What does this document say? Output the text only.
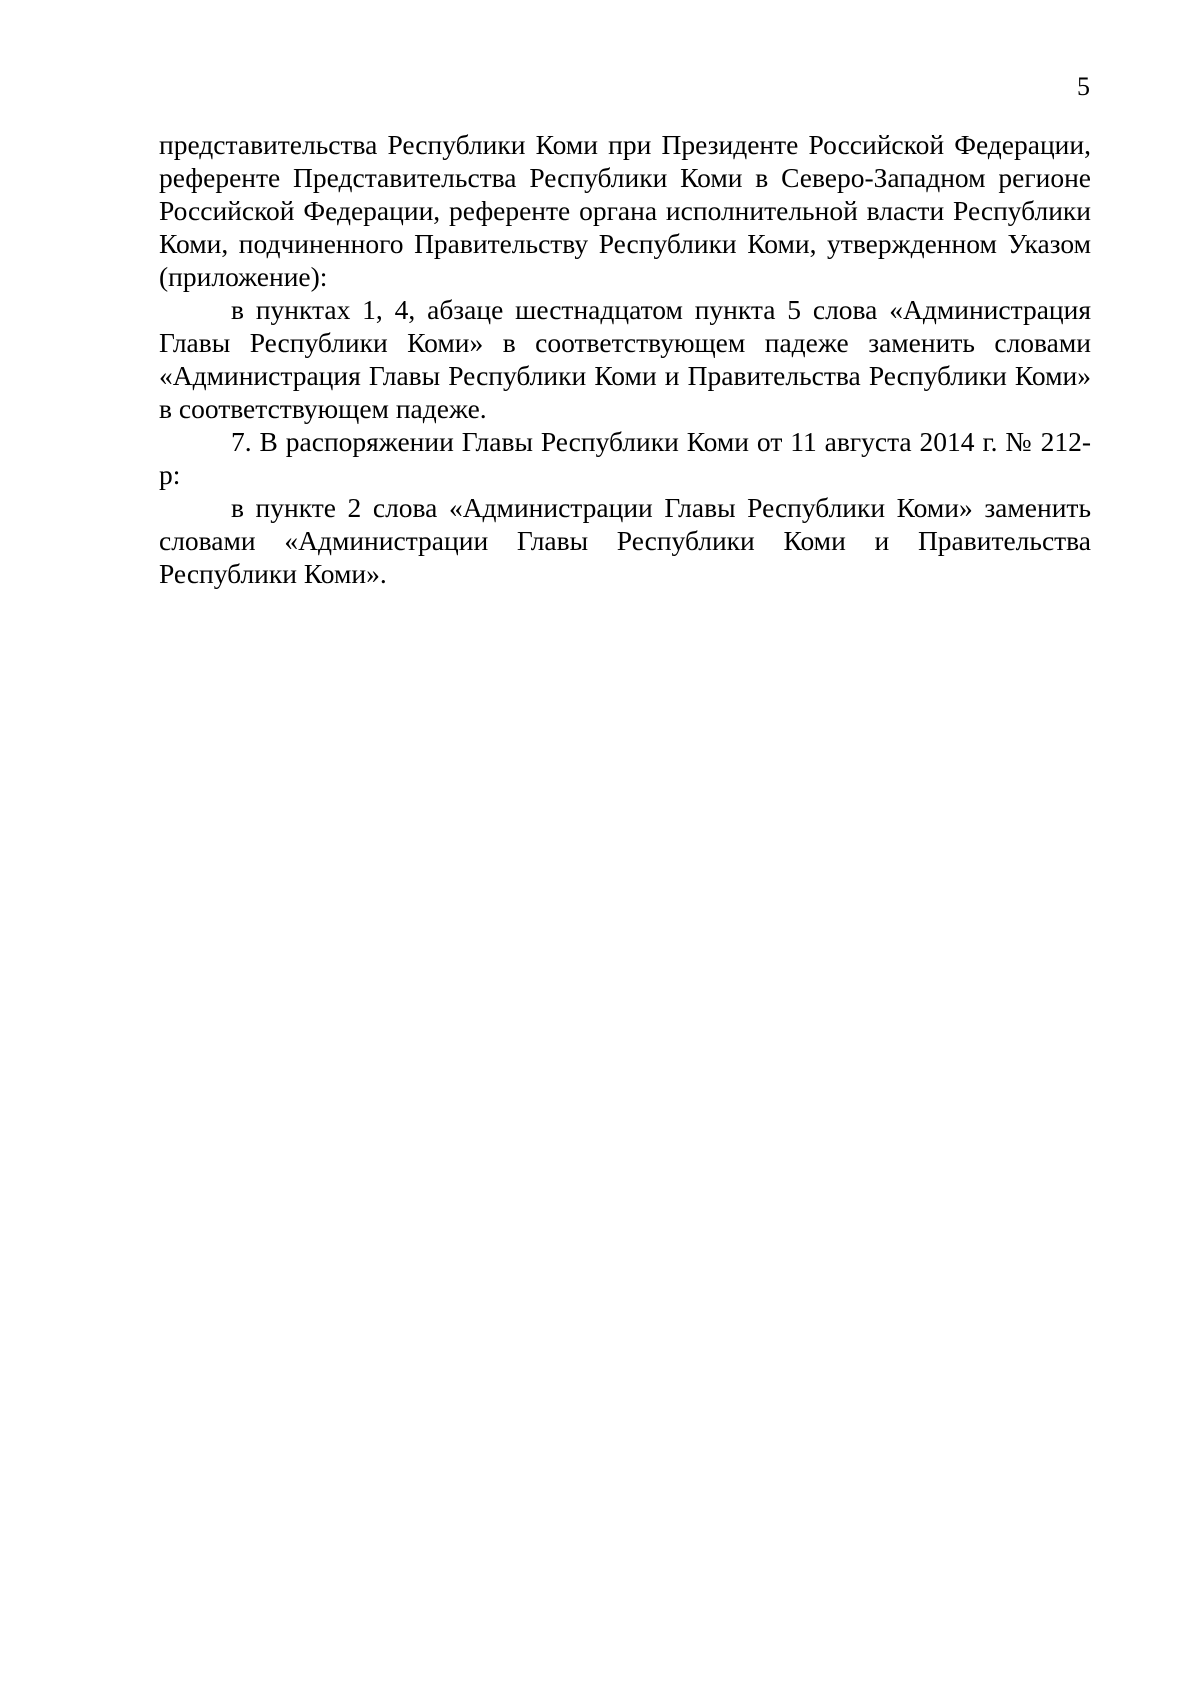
5

представительства Республики Коми при Президенте Российской Федерации, референте Представительства Республики Коми в Северо-Западном регионе Российской Федерации, референте органа исполнительной власти Республики Коми, подчиненного Правительству Республики Коми, утвержденном Указом (приложение):

в пунктах 1, 4, абзаце шестнадцатом пункта 5 слова «Администрация Главы Республики Коми» в соответствующем падеже заменить словами «Администрация Главы Республики Коми и Правительства Республики Коми» в соответствующем падеже.

7. В распоряжении Главы Республики Коми от 11 августа 2014 г. № 212-р:

в пункте 2 слова «Администрации Главы Республики Коми» заменить словами «Администрации Главы Республики Коми и Правительства Республики Коми».
